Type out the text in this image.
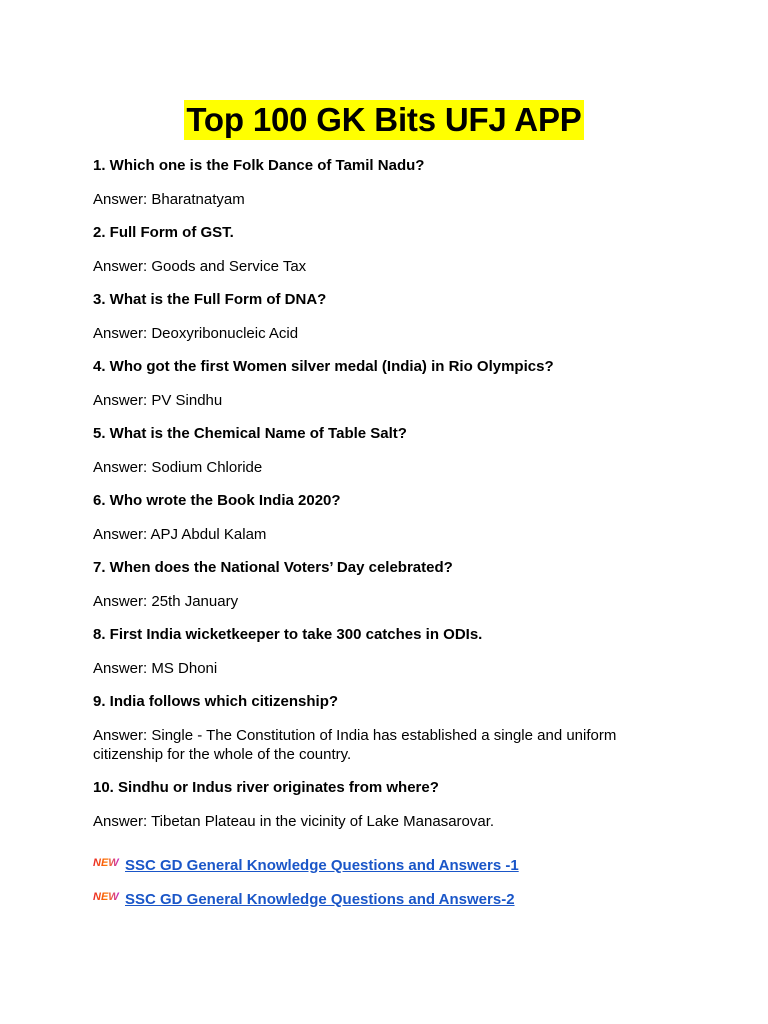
Top 100 GK Bits UFJ APP
1. Which one is the Folk Dance of Tamil Nadu?
Answer: Bharatnatyam
2. Full Form of GST.
Answer: Goods and Service Tax
3. What is the Full Form of DNA?
Answer: Deoxyribonucleic Acid
4. Who got the first Women silver medal (India) in Rio Olympics?
Answer: PV Sindhu
5. What is the Chemical Name of Table Salt?
Answer: Sodium Chloride
6. Who wrote the Book India 2020?
Answer: APJ Abdul Kalam
7. When does the National Voters’ Day celebrated?
Answer: 25th January
8. First India wicketkeeper to take 300 catches in ODIs.
Answer: MS Dhoni
9. India follows which citizenship?
Answer: Single - The Constitution of India has established a single and uniform citizenship for the whole of the country.
10. Sindhu or Indus river originates from where?
Answer: Tibetan Plateau in the vicinity of Lake Manasarovar.
NEW SSC GD General Knowledge Questions and Answers -1
NEW SSC GD General Knowledge Questions and Answers-2
